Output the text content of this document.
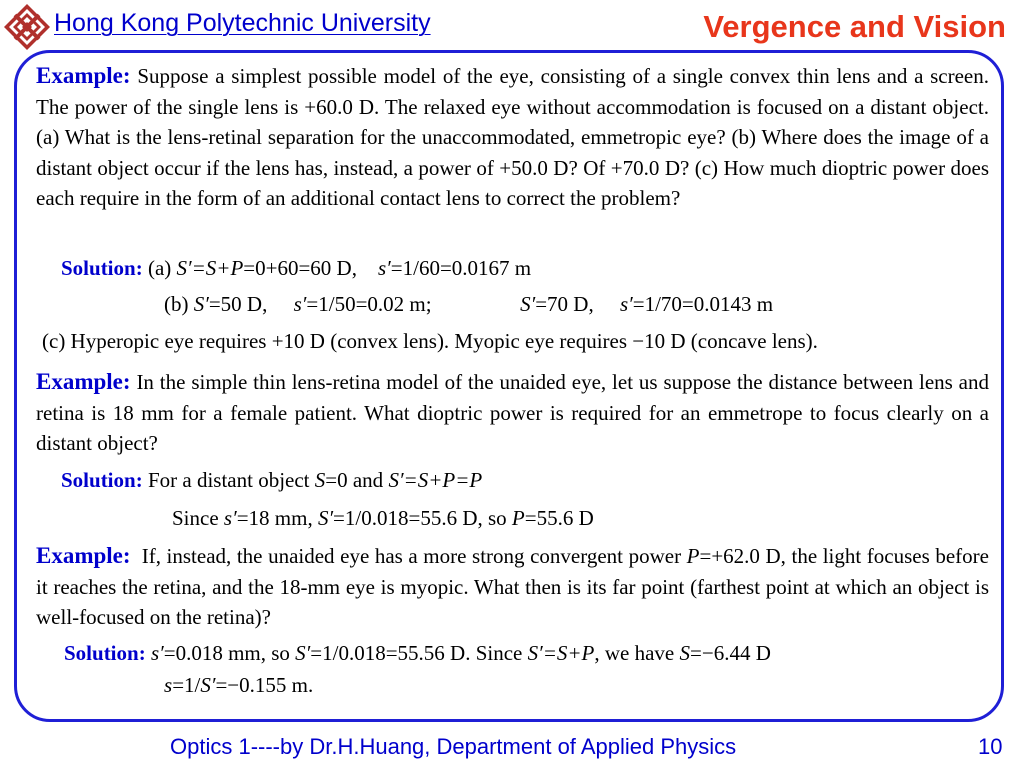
Hong Kong Polytechnic University	Vergence and Vision
Example: Suppose a simplest possible model of the eye, consisting of a single convex thin lens and a screen. The power of the single lens is +60.0 D. The relaxed eye without accommodation is focused on a distant object. (a) What is the lens-retinal separation for the unaccommodated, emmetropic eye? (b) Where does the image of a distant object occur if the lens has, instead, a power of +50.0 D? Of +70.0 D? (c) How much dioptric power does each require in the form of an additional contact lens to correct the problem?
Solution: (a) S′=S+P=0+60=60 D, s′=1/60=0.0167 m
(b) S′=50 D, s′=1/50=0.02 m;	S′=70 D, s′=1/70=0.0143 m
(c) Hyperopic eye requires +10 D (convex lens). Myopic eye requires −10 D (concave lens).
Example: In the simple thin lens-retina model of the unaided eye, let us suppose the distance between lens and retina is 18 mm for a female patient. What dioptric power is required for an emmetrope to focus clearly on a distant object?
Solution: For a distant object S=0 and S′=S+P=P
Since s′=18 mm, S′=1/0.018=55.6 D, so P=55.6 D
Example: If, instead, the unaided eye has a more strong convergent power P=+62.0 D, the light focuses before it reaches the retina, and the 18-mm eye is myopic. What then is its far point (farthest point at which an object is well-focused on the retina)?
Solution: s′=0.018 mm, so S′=1/0.018=55.56 D. Since S′=S+P, we have S=−6.44 D
s=1/S′=−0.155 m.
Optics 1----by Dr.H.Huang, Department of Applied Physics	10
